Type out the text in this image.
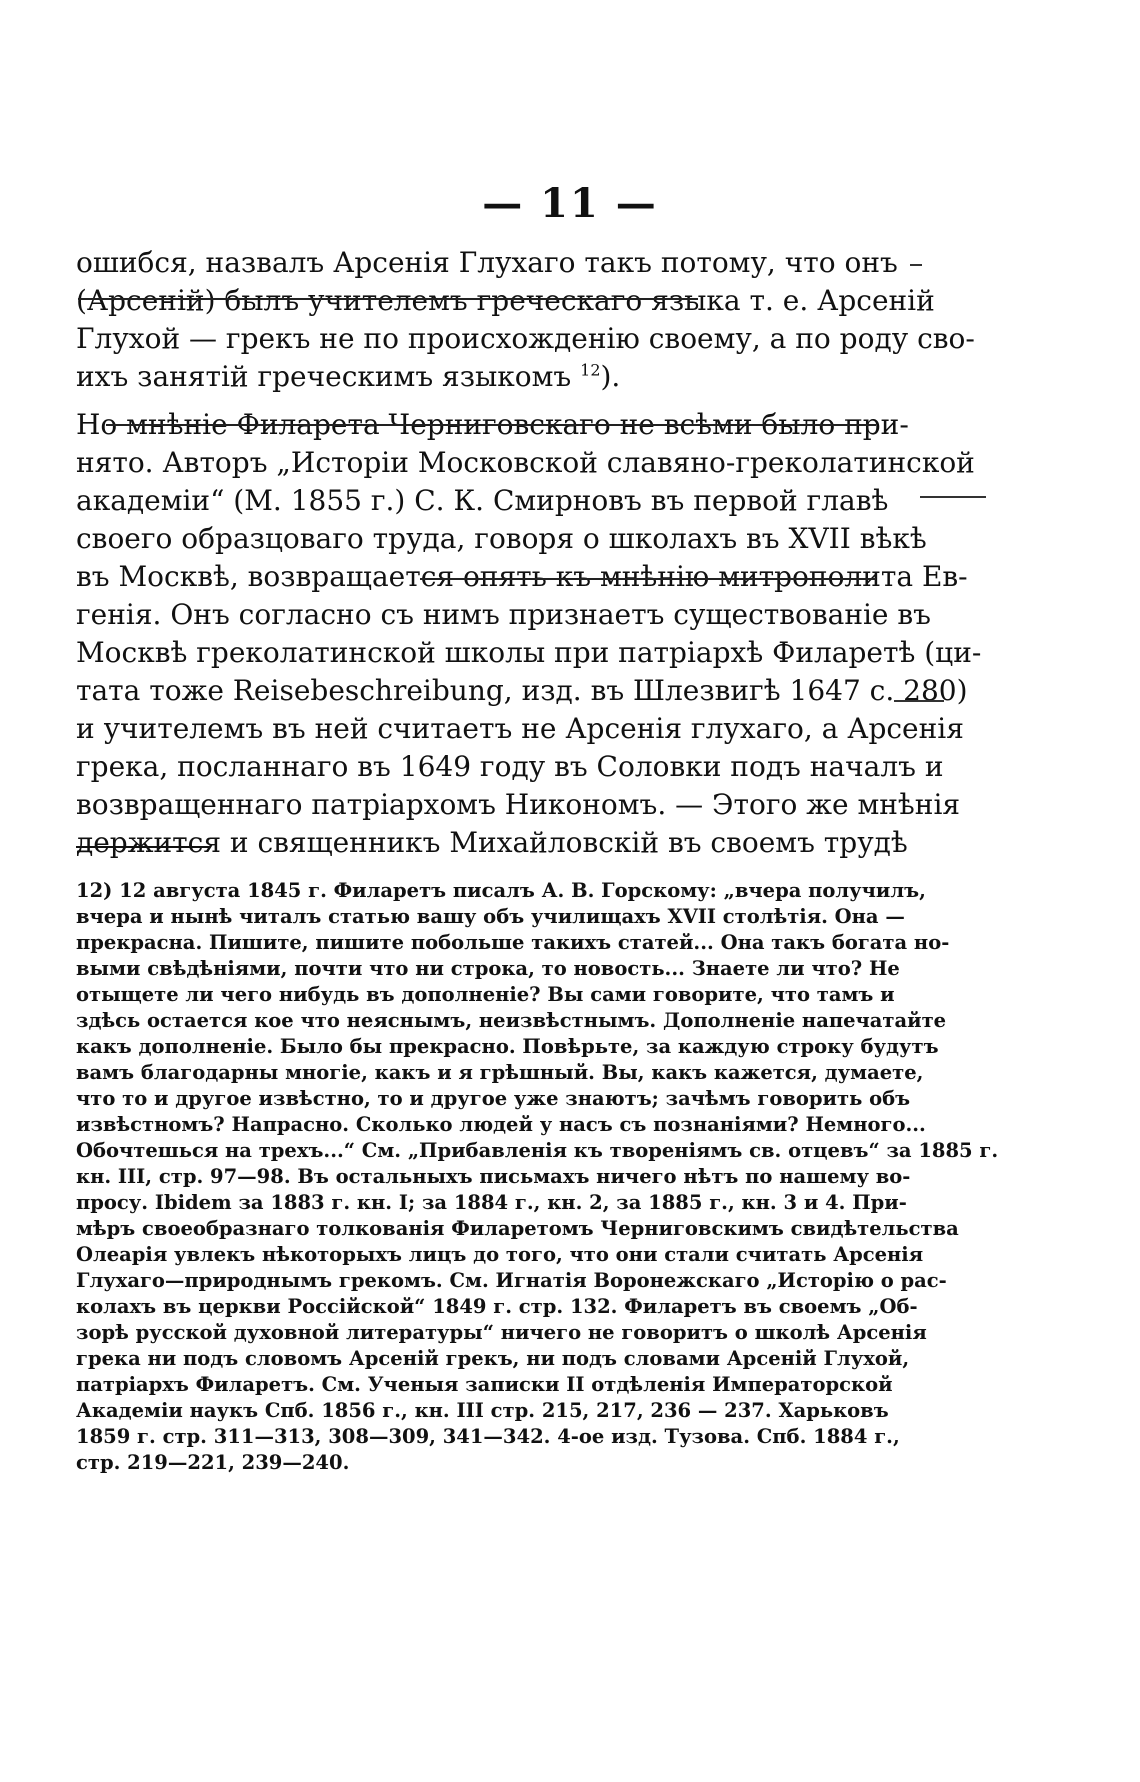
— 11 —
ошибся, назвалъ Арсенія Глухаго такъ потому, что онъ
(Арсеній) былъ учителемъ греческаго языка т. е. Арсеній
Глухой — грекъ не по происхожденію своему, а по роду сво-
ихъ занятій греческимъ языкомъ $^{12}$).
Но мнѣніе Филарета Черниговскаго не всѣми было при-
нято. Авторъ „Исторіи Московской славяно-греколатинской
академіи“ (М. 1855 г.) С. К. Смирновъ въ первой главѣ
своего образцоваго труда, говоря о школахъ въ XVII вѣкѣ
въ Москвѣ, возвращается опять къ мнѣнію митрополита Ев-
генія. Онъ согласно съ нимъ признаетъ существованіе въ
Москвѣ греколатинской школы при патріархѣ Филаретѣ (ци-
тата тоже Reisebeschreibung, изд. въ Шлезвигѣ 1647 с. 280)
и учителемъ въ ней считаетъ не Арсенія глухаго, а Арсенія
грека, посланнаго въ 1649 году въ Соловки подъ началъ и
возвращеннаго патріархомъ Никономъ. — Этого же мнѣнія
держится и священникъ Михайловскій въ своемъ трудѣ
12) 12 августа 1845 г. Филаретъ писалъ А. В. Горскому: „вчера получилъ,
вчера и нынѣ читалъ статью вашу объ училищахъ XVII столѣтія. Она —
прекрасна. Пишите, пишите побольше такихъ статей... Она такъ богата но-
выми свѣдѣніями, почти что ни строка, то новость... Знаете ли что? Не
отыщете ли чего нибудь въ дополненіе? Вы сами говорите, что тамъ и
здѣсь остается кое что неяснымъ, неизвѣстнымъ. Дополненіе напечатайте
какъ дополненіе. Было бы прекрасно. Повѣрьте, за каждую строку будутъ
вамъ благодарны многіе, какъ и я грѣшный. Вы, какъ кажется, думаете,
что то и другое извѣстно, то и другое уже знаютъ; зачѣмъ говорить объ
извѣстномъ? Напрасно. Сколько людей у насъ съ познаніями? Немного...
Обочтешься на трехъ...“ См. „Прибавленія къ твореніямъ св. отцевъ“ за 1885 г.
кн. III, стр. 97—98. Въ остальныхъ письмахъ ничего нѣтъ по нашему во-
просу. Ibidem за 1883 г. кн. I; за 1884 г., кн. 2, за 1885 г., кн. 3 и 4. При-
мѣръ своеобразнаго толкованія Филаретомъ Черниговскимъ свидѣтельства
Олеарія увлекъ нѣкоторыхъ лицъ до того, что они стали считать Арсенія
Глухаго—природнымъ грекомъ. См. Игнатія Воронежскаго „Исторію о рас-
колахъ въ церкви Россійской“ 1849 г. стр. 132. Филаретъ въ своемъ „Об-
зорѣ русской духовной литературы“ ничего не говоритъ о школѣ Арсенія
грека ни подъ словомъ Арсеній грекъ, ни подъ словами Арсеній Глухой,
патріархъ Филаретъ. См. Ученыя записки II отдѣленія Императорской
Академіи наукъ Спб. 1856 г., кн. III стр. 215, 217, 236 — 237. Харьковъ
1859 г. стр. 311—313, 308—309, 341—342. 4-ое изд. Тузова. Спб. 1884 г.,
стр. 219—221, 239—240.
